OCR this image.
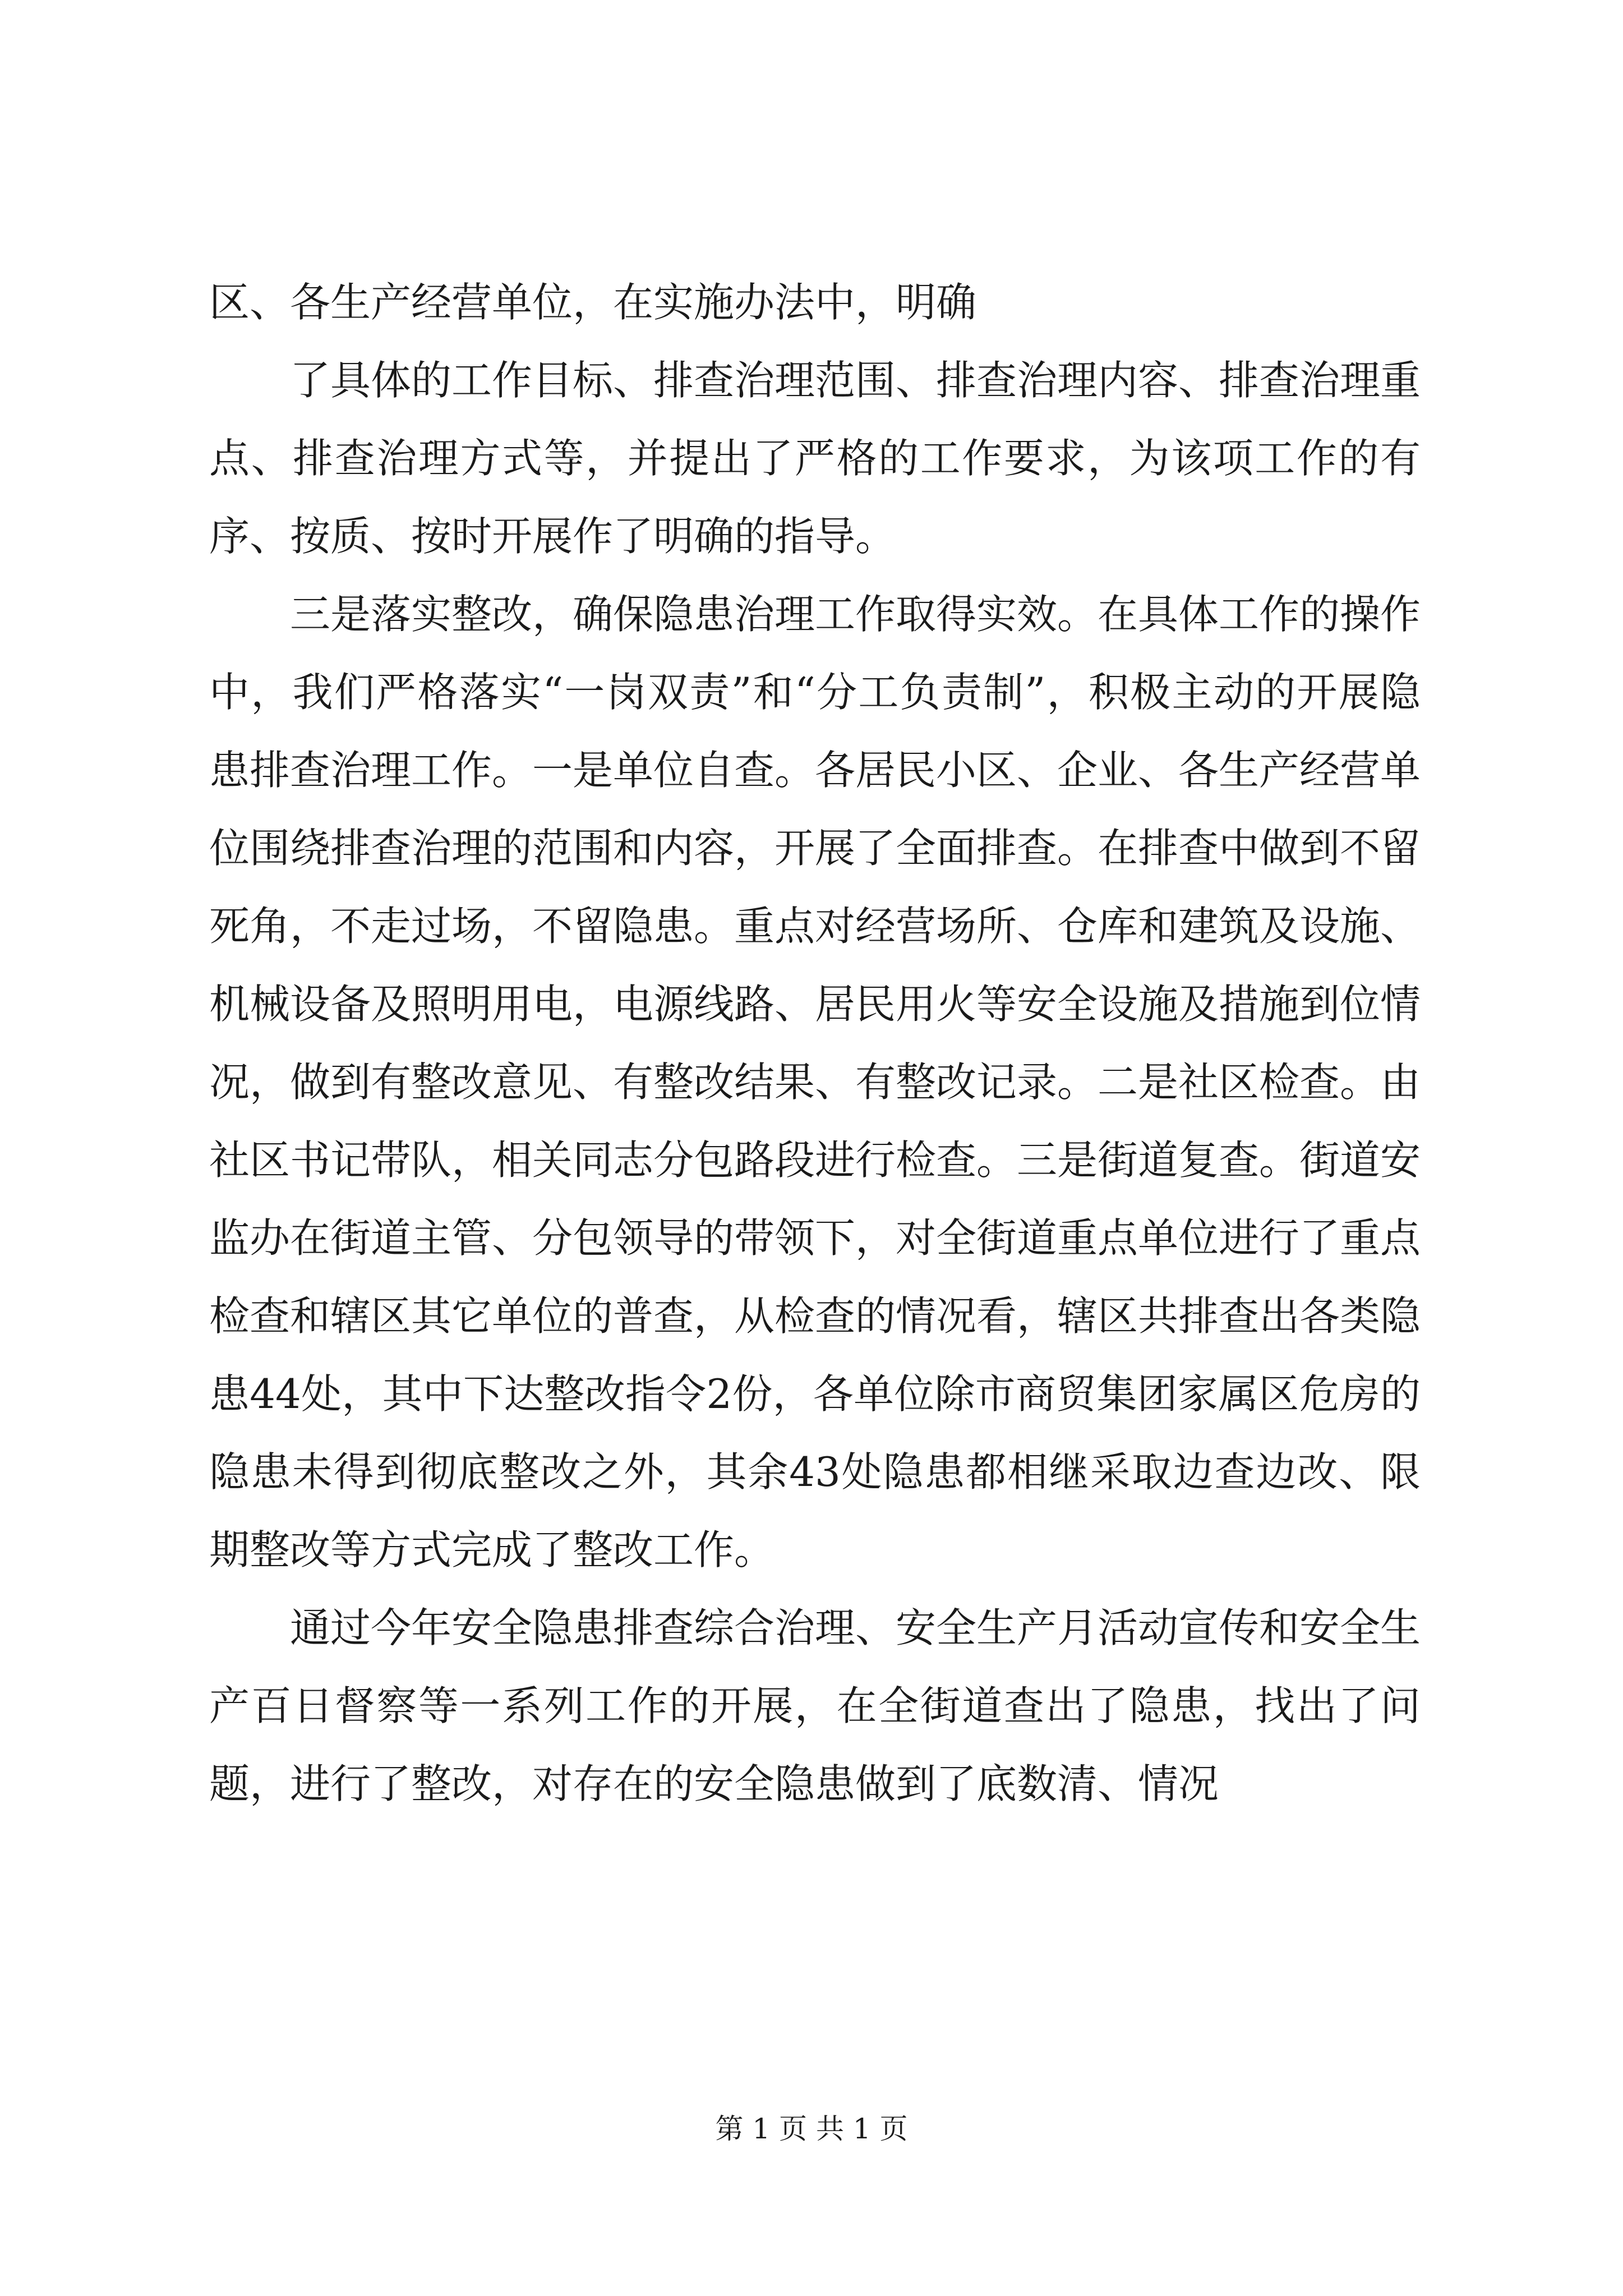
区、各生产经营单位，在实施办法中，明确

了具体的工作目标、排查治理范围、排查治理内容、排查治理重点、排查治理方式等，并提出了严格的工作要求，为该项工作的有序、按质、按时开展作了明确的指导。

三是落实整改，确保隐患治理工作取得实效。在具体工作的操作中，我们严格落实“一岗双责”和“分工负责制”，积极主动的开展隐患排查治理工作。一是单位自查。各居民小区、企业、各生产经营单位围绕排查治理的范围和内容，开展了全面排查。在排查中做到不留死角，不走过场，不留隐患。重点对经营场所、仓库和建筑及设施、机械设备及照明用电，电源线路、居民用火等安全设施及措施到位情况，做到有整改意见、有整改结果、有整改记录。二是社区检查。由社区书记带队，相关同志分包路段进行检查。三是街道复查。街道安监办在街道主管、分包领导的带领下，对全街道重点单位进行了重点检查和辖区其它单位的普查，从检查的情况看，辖区共排查出各类隐患44处，其中下达整改指令2份，各单位除市商贸集团家属区危房的隐患未得到彻底整改之外，其余43处隐患都相继采取边查边改、限期整改等方式完成了整改工作。

通过今年安全隐患排查综合治理、安全生产月活动宣传和安全生产百日督察等一系列工作的开展，在全街道查出了隐患，找出了问题，进行了整改，对存在的安全隐患做到了底数清、情况

第 1 页 共 1 页
